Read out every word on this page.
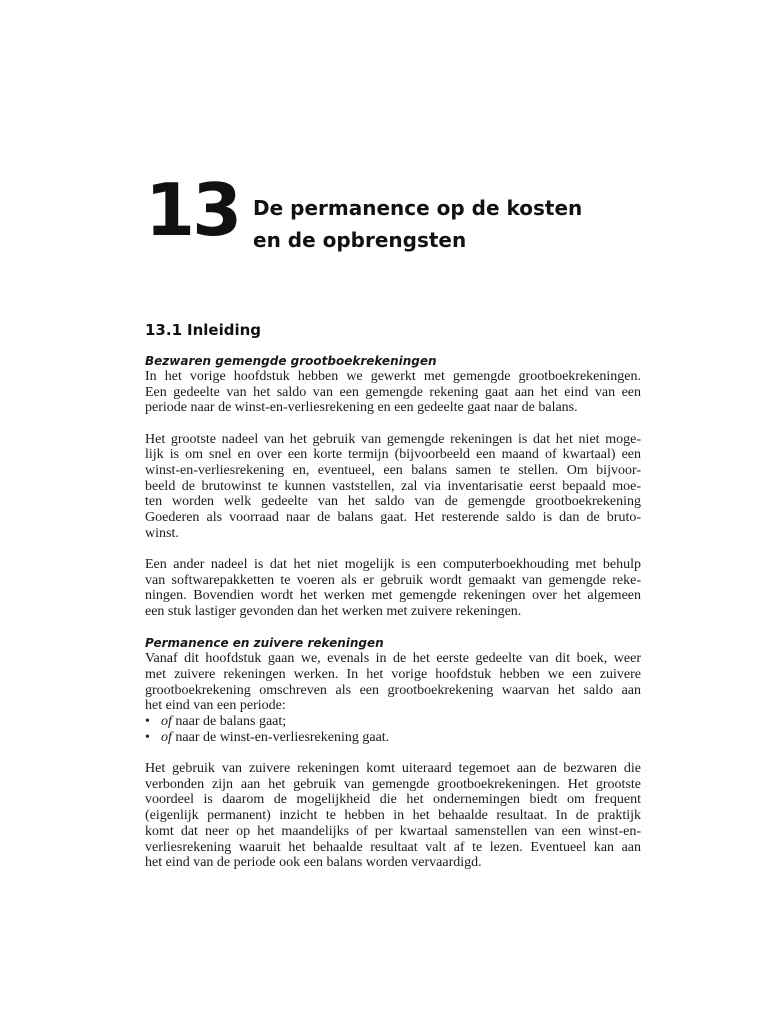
13 De permanence op de kosten
en de opbrengsten
13.1 Inleiding
Bezwaren gemengde grootboekrekeningen
In het vorige hoofdstuk hebben we gewerkt met gemengde grootboekrekeningen.
Een gedeelte van het saldo van een gemengde rekening gaat aan het eind van een
periode naar de winst-en-verliesrekening en een gedeelte gaat naar de balans.
Het grootste nadeel van het gebruik van gemengde rekeningen is dat het niet moge-
lijk is om snel en over een korte termijn (bijvoorbeeld een maand of kwartaal) een
winst-en-verliesrekening en, eventueel, een balans samen te stellen. Om bijvoor-
beeld de brutowinst te kunnen vaststellen, zal via inventarisatie eerst bepaald moe-
ten worden welk gedeelte van het saldo van de gemengde grootboekrekening
Goederen als voorraad naar de balans gaat. Het resterende saldo is dan de bruto-
winst.
Een ander nadeel is dat het niet mogelijk is een computerboekhouding met behulp
van softwarepakketten te voeren als er gebruik wordt gemaakt van gemengde reke-
ningen. Bovendien wordt het werken met gemengde rekeningen over het algemeen
een stuk lastiger gevonden dan het werken met zuivere rekeningen.
Permanence en zuivere rekeningen
Vanaf dit hoofdstuk gaan we, evenals in de het eerste gedeelte van dit boek, weer
met zuivere rekeningen werken. In het vorige hoofdstuk hebben we een zuivere
grootboekrekening omschreven als een grootboekrekening waarvan het saldo aan
het eind van een periode:
• of naar de balans gaat;
• of naar de winst-en-verliesrekening gaat.
Het gebruik van zuivere rekeningen komt uiteraard tegemoet aan de bezwaren die
verbonden zijn aan het gebruik van gemengde grootboekrekeningen. Het grootste
voordeel is daarom de mogelijkheid die het ondernemingen biedt om frequent
(eigenlijk permanent) inzicht te hebben in het behaalde resultaat. In de praktijk
komt dat neer op het maandelijks of per kwartaal samenstellen van een winst-en-
verliesrekening waaruit het behaalde resultaat valt af te lezen. Eventueel kan aan
het eind van de periode ook een balans worden vervaardigd.
